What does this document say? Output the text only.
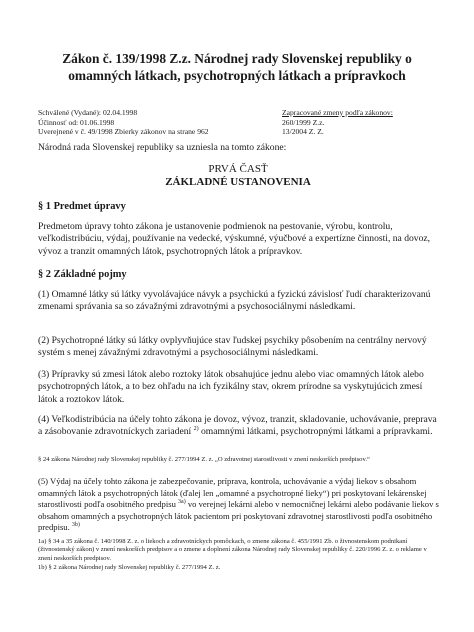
Zákon č. 139/1998 Z.z. Národnej rady Slovenskej republiky o omamných látkach, psychotropných látkach a prípravkoch
Schválené (Vydané): 02.04.1998
Účinnosť od: 01.06.1998
Uverejnené v č. 49/1998 Zbierky zákonov na strane 962
Zapracované zmeny podľa zákonov:
260/1999 Z.z.
13/2004 Z. Z.
Národná rada Slovenskej republiky sa uzniesla na tomto zákone:
PRVÁ ČASŤ
ZÁKLADNÉ USTANOVENIA
§ 1 Predmet úpravy
Predmetom úpravy tohto zákona je ustanovenie podmienok na pestovanie, výrobu, kontrolu, veľkodistribúciu, výdaj, používanie na vedecké, výskumné, výučbové a expertízne činnosti, na dovoz, vývoz a tranzit omamných látok, psychotropných látok a prípravkov.
§ 2 Základné pojmy
(1) Omamné látky sú látky vyvolávajúce návyk a psychickú a fyzickú závislosť ľudí charakterizovanú zmenami správania sa so závažnými zdravotnými a psychosociálnymi následkami.
(2) Psychotropné látky sú látky ovplyvňujúce stav ľudskej psychiky pôsobením na centrálny nervový systém s menej závažnými zdravotnými a psychosociálnymi následkami.
(3) Prípravky sú zmesi látok alebo roztoky látok obsahujúce jednu alebo viac omamných látok alebo psychotropných látok, a to bez ohľadu na ich fyzikálny stav, okrem prírodne sa vyskytujúcich zmesí látok a roztokov látok.
(4) Veľkodistribúcia na účely tohto zákona je dovoz, vývoz, tranzit, skladovanie, uchovávanie, preprava a zásobovanie zdravotníckych zariadení $^{2)}$ omamnými látkami, psychotropnými látkami a prípravkami.
§ 24 zákona Národnej rady Slovenskej republiky č. 277/1994 Z. z. „O zdravotnej starostlivosti v znení neskorších predpisov.“
(5) Výdaj na účely tohto zákona je zabezpečovanie, príprava, kontrola, uchovávanie a výdaj liekov s obsahom omamných látok a psychotropných látok (ďalej len „omamné a psychotropné lieky“) pri poskytovaní lekárenskej starostlivosti podľa osobitného predpisu $^{3a)}$ vo verejnej lekárni alebo v nemocničnej lekárni alebo podávanie liekov s obsahom omamných a psychotropných látok pacientom pri poskytovaní zdravotnej starostlivosti podľa osobitného predpisu. $^{3b)}$
1a) § 34 a 35 zákona č. 140/1998 Z. z. o liekoch a zdravotníckych pomôckach, o zmene zákona č. 455/1991 Zb. o živnostenskom podnikaní (živnostenský zákon) v znení neskorších predpisov a o zmene a doplnení zákona Národnej rady Slovenskej republiky č. 220/1996 Z. z. o reklame v znení neskorších predpisov.
1b) § 2 zákona Národnej rady Slovenskej republiky č. 277/1994 Z. z.
